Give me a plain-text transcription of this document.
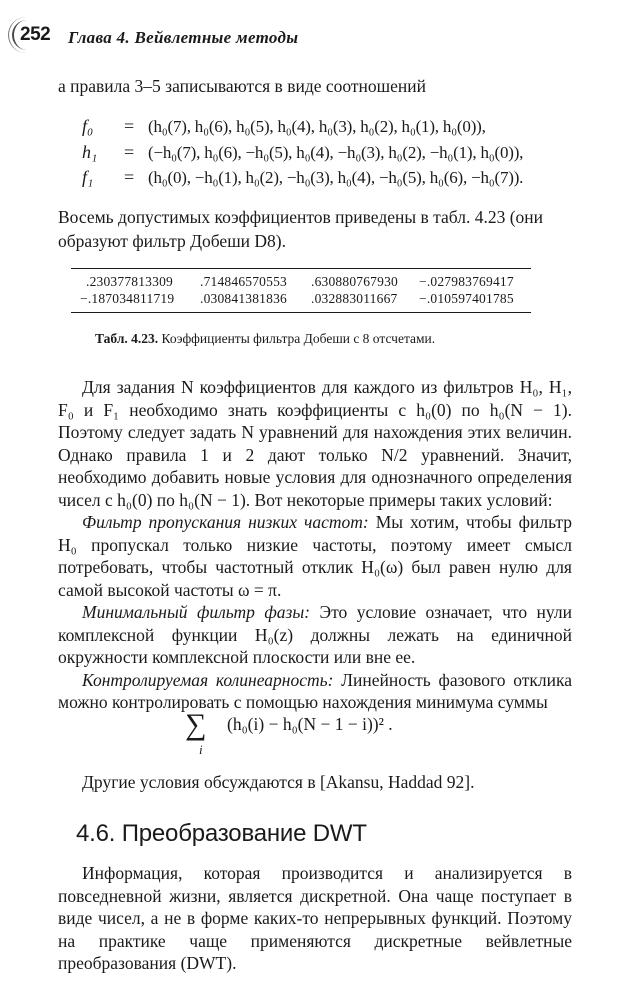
252 Глава 4. Вейвлетные методы
а правила 3–5 записываются в виде соотношений
f₀ = (h₀(7), h₀(6), h₀(5), h₀(4), h₀(3), h₀(2), h₀(1), h₀(0)),
h₁ = (−h₀(7), h₀(6), −h₀(5), h₀(4), −h₀(3), h₀(2), −h₀(1), h₀(0)),
f₁ = (h₀(0), −h₀(1), h₀(2), −h₀(3), h₀(4), −h₀(5), h₀(6), −h₀(7)).
Восемь допустимых коэффициентов приведены в табл. 4.23 (они
образуют фильтр Добеши D8).
.230377813309 .714846570553 .630880767930 −.027983769417
−.187034811719 .030841381836 .032883011667 −.010597401785
Табл. 4.23. Коэффициенты фильтра Добеши с 8 отсчетами.

Для задания N коэффициентов для каждого из фильтров H₀, H₁, F₀ и F₁ необходимо знать коэффициенты с h₀(0) по h₀(N − 1). Поэтому следует задать N уравнений для нахождения этих величин. Однако правила 1 и 2 дают только N/2 уравнений. Значит, необходимо добавить новые условия для однозначного определения чисел с h₀(0) по h₀(N − 1). Вот некоторые примеры таких условий:

Фильтр пропускания низких частот: Мы хотим, чтобы фильтр H₀ пропускал только низкие частоты, поэтому имеет смысл потребовать, чтобы частотный отклик H₀(ω) был равен нулю для самой высокой частоты ω = π.

Минимальный фильтр фазы: Это условие означает, что нули комплексной функции H₀(z) должны лежать на единичной окружности комплексной плоскости или вне ее.

Контролируемая колинеарность: Линейность фазового отклика можно контролировать с помощью нахождения минимума суммы

∑
i
(h₀(i) − h₀(N − 1 − i))² .
Другие условия обсуждаются в [Akansu, Haddad 92].
4.6. Преобразование DWT

Информация, которая производится и анализируется в повседневной жизни, является дискретной. Она чаще поступает в виде чисел, а не в форме каких-то непрерывных функций. Поэтому на практике чаще применяются дискретные вейвлетные преобразования (DWT).
